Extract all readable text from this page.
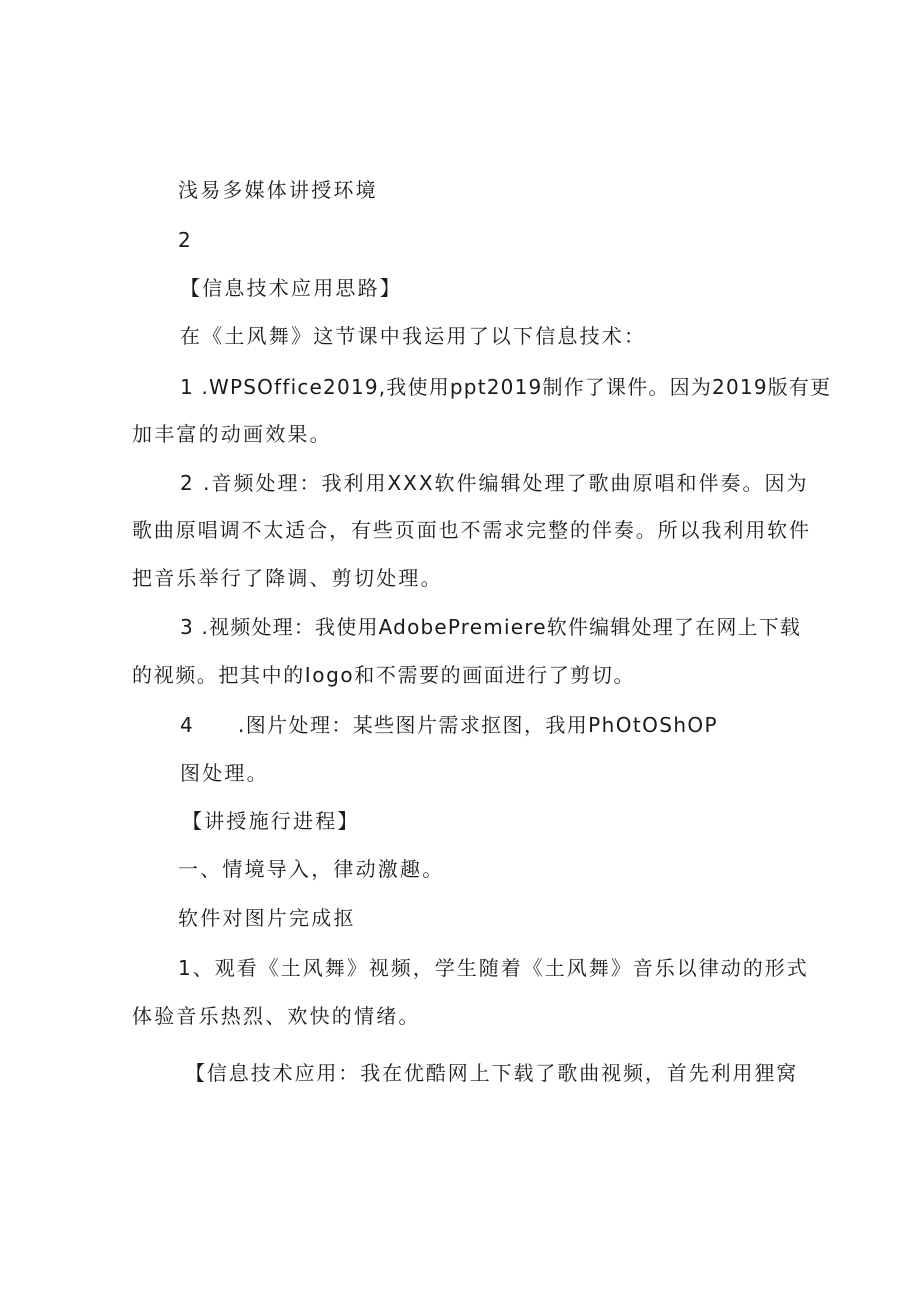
浅易多媒体讲授环境
2
【信息技术应用思路】
在《土风舞》这节课中我运用了以下信息技术：
1 .WPSOffice2019,我使用ppt2019制作了课件。因为2019版有更
加丰富的动画效果。
2 .音频处理：我利用XXX软件编辑处理了歌曲原唱和伴奏。因为
歌曲原唱调不太适合，有些页面也不需求完整的伴奏。所以我利用软件
把音乐举行了降调、剪切处理。
3 .视频处理：我使用AdobePremiere软件编辑处理了在网上下载
的视频。把其中的Iogo和不需要的画面进行了剪切。
4 .图片处理：某些图片需求抠图，我用PhOtOShOP
图处理。
【讲授施行进程】
一、情境导入，律动激趣。
软件对图片完成抠
1、观看《土风舞》视频，学生随着《土风舞》音乐以律动的形式
体验音乐热烈、欢快的情绪。
【信息技术应用：我在优酷网上下载了歌曲视频，首先利用狸窝
